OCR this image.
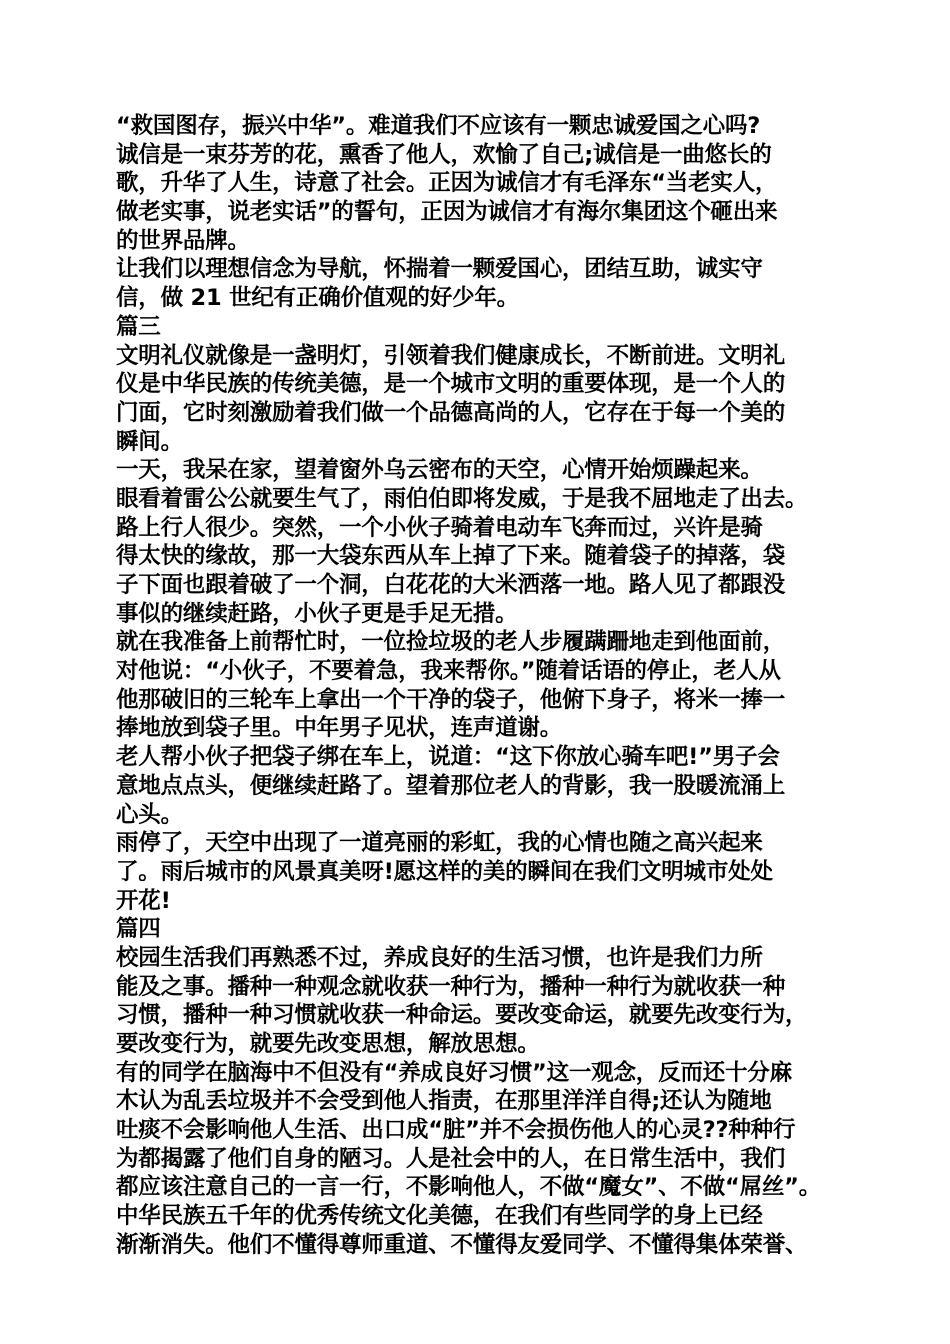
“救国图存，振兴中华”。难道我们不应该有一颗忠诚爱国之心吗?
诚信是一束芬芳的花，熏香了他人，欢愉了自己;诚信是一曲悠长的
歌，升华了人生，诗意了社会。正因为诚信才有毛泽东“当老实人，
做老实事，说老实话”的誓句，正因为诚信才有海尔集团这个砸出来
的世界品牌。
让我们以理想信念为导航，怀揣着一颗爱国心，团结互助，诚实守
信，做 21 世纪有正确价值观的好少年。
篇三
文明礼仪就像是一盏明灯，引领着我们健康成长，不断前进。文明礼
仪是中华民族的传统美德，是一个城市文明的重要体现，是一个人的
门面，它时刻激励着我们做一个品德高尚的人，它存在于每一个美的
瞬间。
一天，我呆在家，望着窗外乌云密布的天空，心情开始烦躁起来。
眼看着雷公公就要生气了，雨伯伯即将发威，于是我不屈地走了出去。
路上行人很少。突然，一个小伙子骑着电动车飞奔而过，兴许是骑
得太快的缘故，那一大袋东西从车上掉了下来。随着袋子的掉落，袋
子下面也跟着破了一个洞，白花花的大米洒落一地。路人见了都跟没
事似的继续赶路，小伙子更是手足无措。
就在我准备上前帮忙时，一位捡垃圾的老人步履蹒跚地走到他面前，
对他说：“小伙子，不要着急，我来帮你。”随着话语的停止，老人从
他那破旧的三轮车上拿出一个干净的袋子，他俯下身子，将米一捧一
捧地放到袋子里。中年男子见状，连声道谢。
老人帮小伙子把袋子绑在车上，说道：“这下你放心骑车吧!”男子会
意地点点头，便继续赶路了。望着那位老人的背影，我一股暖流涌上
心头。
雨停了，天空中出现了一道亮丽的彩虹，我的心情也随之高兴起来
了。雨后城市的风景真美呀!愿这样的美的瞬间在我们文明城市处处
开花!
篇四
校园生活我们再熟悉不过，养成良好的生活习惯，也许是我们力所
能及之事。播种一种观念就收获一种行为，播种一种行为就收获一种
习惯，播种一种习惯就收获一种命运。要改变命运，就要先改变行为，
要改变行为，就要先改变思想，解放思想。
有的同学在脑海中不但没有“养成良好习惯”这一观念，反而还十分麻
木认为乱丢垃圾并不会受到他人指责，在那里洋洋自得;还认为随地
吐痰不会影响他人生活、出口成“脏”并不会损伤他人的心灵??种种行
为都揭露了他们自身的陋习。人是社会中的人，在日常生活中，我们
都应该注意自己的一言一行，不影响他人，不做“魔女”、不做“屌丝”。
中华民族五千年的优秀传统文化美德，在我们有些同学的身上已经
渐渐消失。他们不懂得尊师重道、不懂得友爱同学、不懂得集体荣誉、
